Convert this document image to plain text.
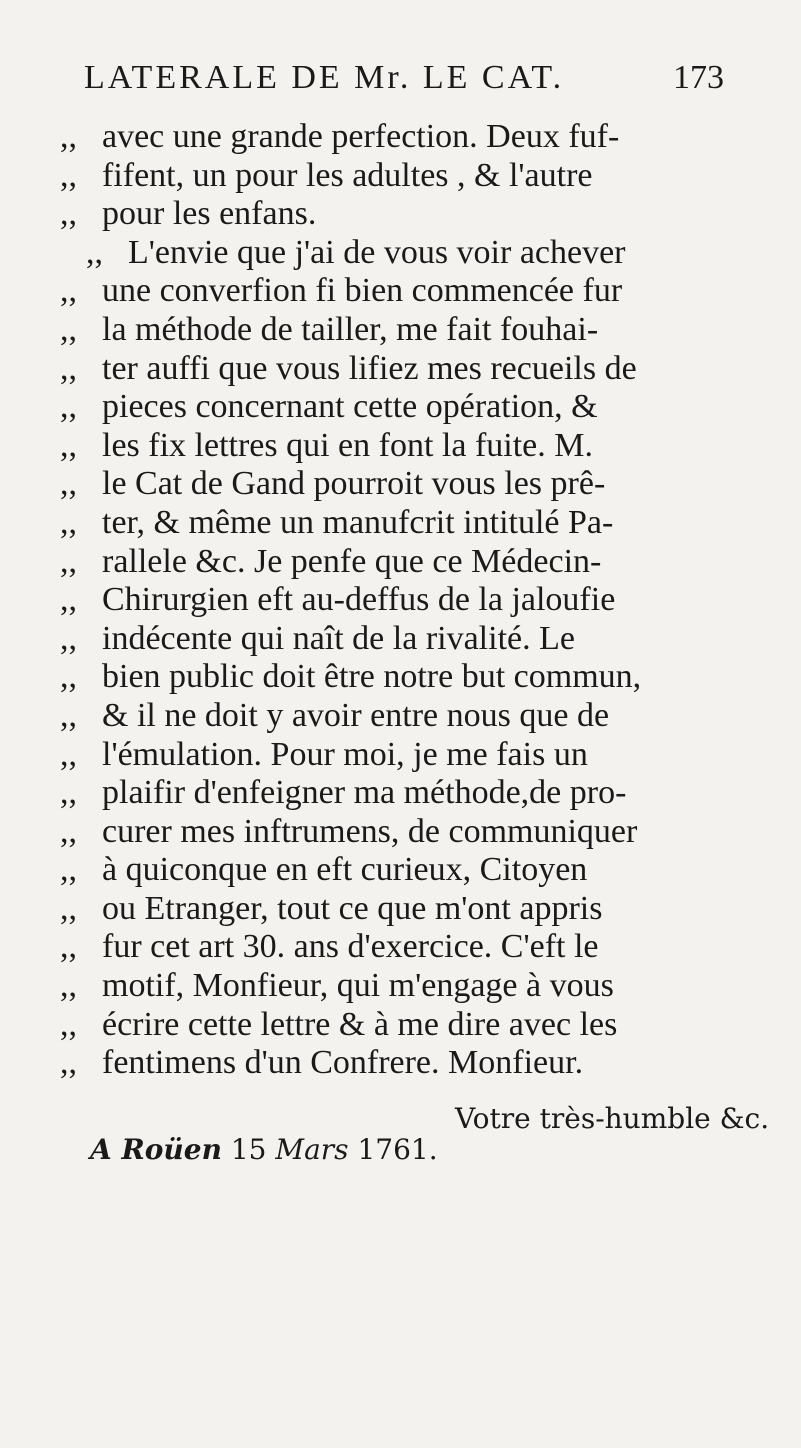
LATERALE DE Mr. LE CAT.	173
,, avec une grande perfection. Deux fuf-
,, fifent, un pour les adultes , & l'autre
,, pour les enfans.
,, L'envie que j'ai de vous voir achever
,, une converfion fi bien commencée fur
,, la méthode de tailler, me fait fouhai-
,, ter auffi que vous lifiez mes recueils de
,, pieces concernant cette opération, &
,, les fix lettres qui en font la fuite. M.
,, le Cat de Gand pourroit vous les prê-
,, ter, & même un manufcrit intitulé Pa-
,, rallele &c. Je penfe que ce Médecin-
,, Chirurgien eft au-deffus de la jaloufie
,, indécente qui naît de la rivalité. Le
,, bien public doit être notre but commun,
,, & il ne doit y avoir entre nous que de
,, l'émulation. Pour moi, je me fais un
,, plaifir d'enfeigner ma méthode,de pro-
,, curer mes inftrumens, de communiquer
,, à quiconque en eft curieux, Citoyen
,, ou Etranger, tout ce que m'ont appris
,, fur cet art 30. ans d'exercice. C'eft le
,, motif, Monfieur, qui m'engage à vous
,, écrire cette lettre & à me dire avec les
,, fentimens d'un Confrere. Monfieur.
Votre très-humble &c.
A Roüen 15 Mars 1761.
